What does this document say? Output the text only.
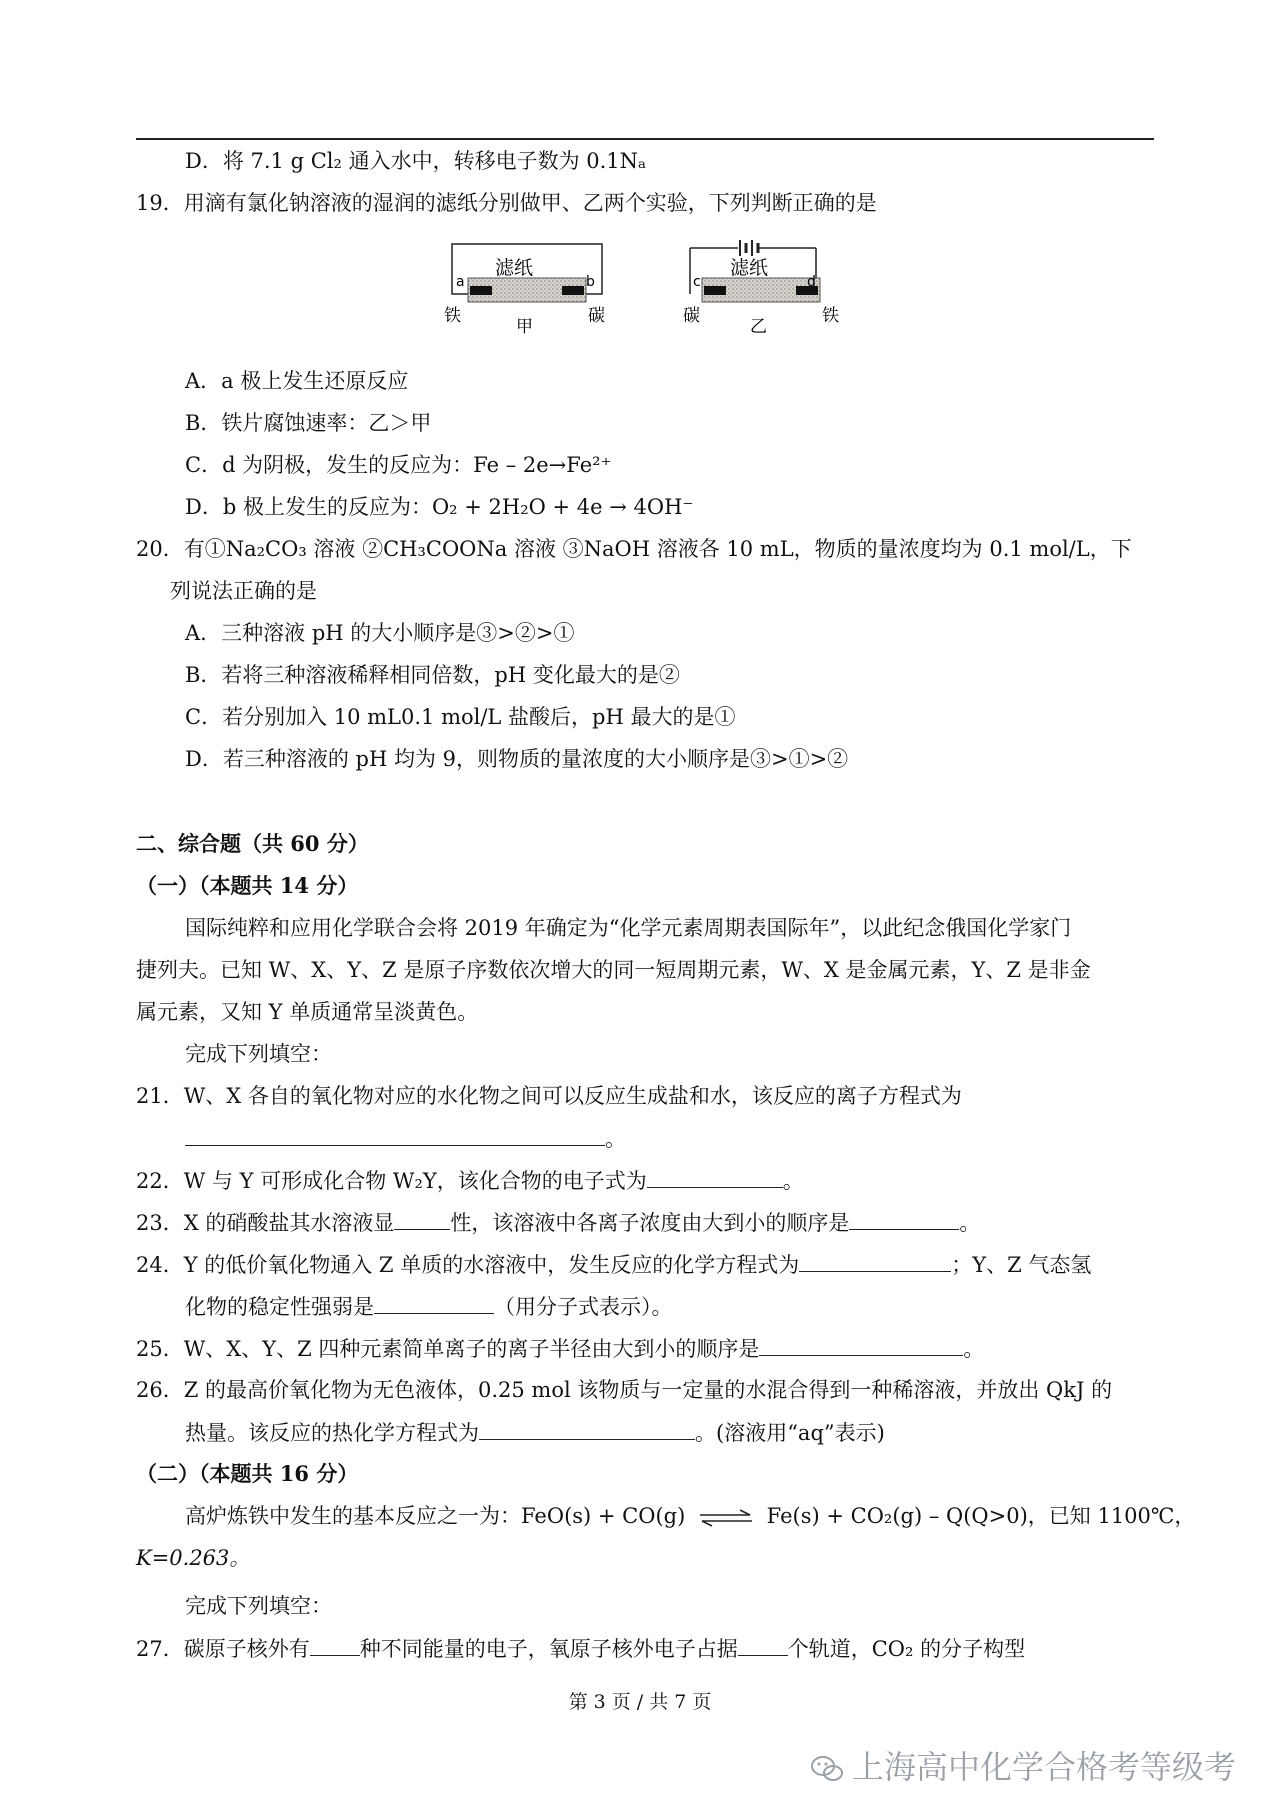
D．将 7.1 g Cl₂ 通入水中，转移电子数为 0.1Nₐ
19．用滴有氯化钠溶液的湿润的滤纸分别做甲、乙两个实验，下列判断正确的是
滤纸
a	b
铁	碳
甲
滤纸
c	d
碳	铁
乙
A．a 极上发生还原反应
B．铁片腐蚀速率：乙＞甲
C．d 为阴极，发生的反应为：Fe – 2e→Fe²⁺
D．b 极上发生的反应为：O₂ + 2H₂O + 4e → 4OH⁻
20．有①Na₂CO₃ 溶液 ②CH₃COONa 溶液 ③NaOH 溶液各 10 mL，物质的量浓度均为 0.1 mol/L，下
列说法正确的是
A．三种溶液 pH 的大小顺序是③>②>①
B．若将三种溶液稀释相同倍数，pH 变化最大的是②
C．若分别加入 10 mL0.1 mol/L 盐酸后，pH 最大的是①
D．若三种溶液的 pH 均为 9，则物质的量浓度的大小顺序是③>①>②
二、综合题（共 60 分）
（一）（本题共 14 分）
国际纯粹和应用化学联合会将 2019 年确定为“化学元素周期表国际年”，以此纪念俄国化学家门
捷列夫。已知 W、X、Y、Z 是原子序数依次增大的同一短周期元素，W、X 是金属元素，Y、Z 是非金
属元素，又知 Y 单质通常呈淡黄色。
完成下列填空：
21．W、X 各自的氧化物对应的水化物之间可以反应生成盐和水，该反应的离子方程式为
。
22．W 与 Y 可形成化合物 W₂Y，该化合物的电子式为	。
23．X 的硝酸盐其水溶液显	性，该溶液中各离子浓度由大到小的顺序是	。
24．Y 的低价氧化物通入 Z 单质的水溶液中，发生反应的化学方程式为	；Y、Z 气态氢
化物的稳定性强弱是	（用分子式表示）。
25．W、X、Y、Z 四种元素简单离子的离子半径由大到小的顺序是	。
26．Z 的最高价氧化物为无色液体，0.25 mol 该物质与一定量的水混合得到一种稀溶液，并放出 QkJ 的
热量。该反应的热化学方程式为	。(溶液用“aq”表示)
（二）（本题共 16 分）
高炉炼铁中发生的基本反应之一为：FeO(s) + CO(g) ⇌ Fe(s) + CO₂(g) – Q(Q>0)，已知 1100℃，
K=0.263。
完成下列填空：
27．碳原子核外有 种不同能量的电子，氧原子核外电子占据 个轨道，CO₂ 的分子构型
第 3 页 / 共 7 页
上海高中化学合格考等级考
